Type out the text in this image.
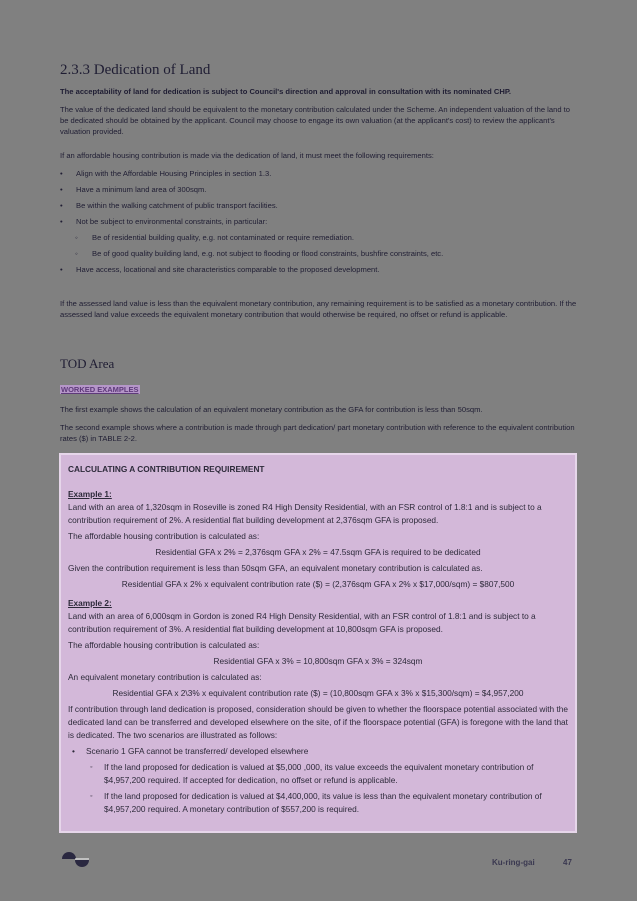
2.3.3 Dedication of Land
The acceptability of land for dedication is subject to Council's direction and approval in consultation with its nominated CHP.
The value of the dedicated land should be equivalent to the monetary contribution calculated under the Scheme. An independent valuation of the land to be dedicated should be obtained by the applicant. Council may choose to engage its own valuation (at the applicant's cost) to review the applicant's valuation provided.
If an affordable housing contribution is made via the dedication of land, it must meet the following requirements:
• Align with the Affordable Housing Principles in section 1.3.
• Have a minimum land area of 300sqm.
• Be within the walking catchment of public transport facilities.
• Not be subject to environmental constraints, in particular:
◦ Be of residential building quality, e.g. not contaminated or require remediation.
◦ Be of good quality building land, e.g. not subject to flooding or flood constraints, bushfire constraints, etc.
• Have access, locational and site characteristics comparable to the proposed development.
If the assessed land value is less than the equivalent monetary contribution, any remaining requirement is to be satisfied as a monetary contribution. If the assessed land value exceeds the equivalent monetary contribution that would otherwise be required, no offset or refund is applicable.
TOD Area
WORKED EXAMPLES
The first example shows the calculation of an equivalent monetary contribution as the GFA for contribution is less than 50sqm.
The second example shows where a contribution is made through part dedication/ part monetary contribution with reference to the equivalent contribution rates ($) in TABLE 2-2.
CALCULATING A CONTRIBUTION REQUIREMENT
Example 1:
Land with an area of 1,320sqm in Roseville is zoned R4 High Density Residential, with an FSR control of 1.8:1 and is subject to a contribution requirement of 2%. A residential flat building development at 2,376sqm GFA is proposed.
The affordable housing contribution is calculated as:
Residential GFA x 2% = 2,376sqm GFA x 2% = 47.5sqm GFA is required to be dedicated
Given the contribution requirement is less than 50sqm GFA, an equivalent monetary contribution is calculated as.
Residential GFA x 2% x equivalent contribution rate ($) = (2,376sqm GFA x 2% x $17,000/sqm) = $807,500
Example 2:
Land with an area of 6,000sqm in Gordon is zoned R4 High Density Residential, with an FSR control of 1.8:1 and is subject to a contribution requirement of 3%. A residential flat building development at 10,800sqm GFA is proposed.
The affordable housing contribution is calculated as:
Residential GFA x 3% = 10,800sqm GFA x 3% = 324sqm
An equivalent monetary contribution is calculated as:
Residential GFA x 2\3% x equivalent contribution rate ($) = (10,800sqm GFA x 3% x $15,300/sqm) = $4,957,200
If contribution through land dedication is proposed, consideration should be given to whether the floorspace potential associated with the dedicated land can be transferred and developed elsewhere on the site, of if the floorspace potential (GFA) is foregone with the land that is dedicated. The two scenarios are illustrated as follows:
• Scenario 1 GFA cannot be transferred/ developed elsewhere
◦ If the land proposed for dedication is valued at $5,000 ,000, its value exceeds the equivalent monetary contribution of $4,957,200 required. If accepted for dedication, no offset or refund is applicable.
◦ If the land proposed for dedication is valued at $4,400,000, its value is less than the equivalent monetary contribution of $4,957,200 required. A monetary contribution of $557,200 is required.
Ku-ring-gai	47
